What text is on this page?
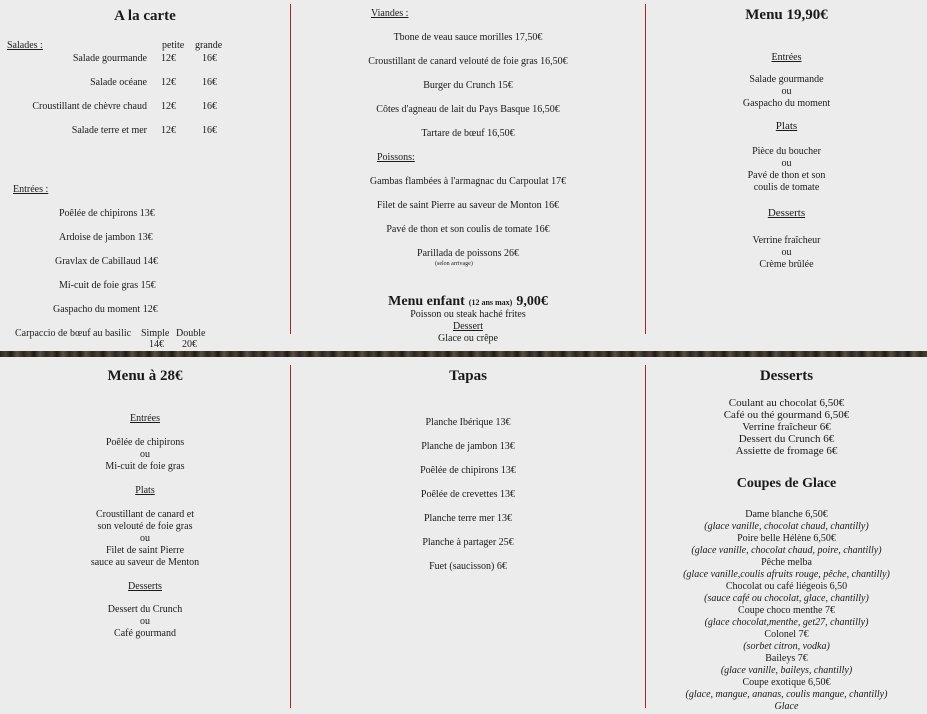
A la carte
Salades :	petite grande
Salade gourmande 12€	16€
Salade océane 12€	16€
Croustillant de chèvre chaud 12€	16€
Salade terre et mer 12€	16€
Entrées :
Poêlée de chipirons 13€
Ardoise de jambon 13€
Gravlax de Cabillaud 14€
Mi-cuit de foie gras 15€
Gaspacho du moment 12€
Carpaccio de bœuf au basilic Simple Double
14€ 20€
Viandes :
Tbone de veau sauce morilles 17,50€
Croustillant de canard velouté de foie gras 16,50€
Burger du Crunch 15€
Côtes d'agneau de lait du Pays Basque 16,50€
Tartare de bœuf 16,50€
Poissons:
Gambas flambées à l'armagnac du Carpoulat 17€
Filet de saint Pierre au saveur de Monton 16€
Pavé de thon et son coulis de tomate 16€
Parillada de poissons 26€
(selon arrivage)
Menu enfant (12 ans max) 9,00€
Poisson ou steak haché frites
Dessert
Glace ou crêpe
Menu 19,90€
Entrées
Salade gourmande
ou
Gaspacho du moment
Plats
Pièce du boucher
ou
Pavé de thon et son
coulis de tomate
Desserts
Verrine fraîcheur
ou
Crème brûlée
Menu à 28€
Entrées
Poêlée de chipirons
ou
Mi-cuit de foie gras
Plats
Croustillant de canard et
son velouté de foie gras
ou
Filet de saint Pierre
sauce au saveur de Menton
Desserts
Dessert du Crunch
ou
Café gourmand
Tapas
Planche Ibérique 13€
Planche de jambon 13€
Poêlée de chipirons 13€
Poêlée de crevettes 13€
Planche terre mer 13€
Planche à partager 25€
Fuet (saucisson) 6€
Desserts
Coulant au chocolat 6,50€
Café ou thé gourmand 6,50€
Verrine fraîcheur 6€
Dessert du Crunch 6€
Assiette de fromage 6€
Coupes de Glace
Dame blanche 6,50€
(glace vanille, chocolat chaud, chantilly)
Poire belle Hélène 6,50€
(glace vanille, chocolat chaud, poire, chantilly)
Pêche melba
(glace vanille,coulis afruits rouge, pêche, chantilly)
Chocolat ou café liégeois 6,50
(sauce café ou chocolat, glace, chantilly)
Coupe choco menthe 7€
(glace chocolat,menthe, get27, chantilly)
Colonel 7€
(sorbet citron, vodka)
Baileys 7€
(glace vanille, baileys, chantilly)
Coupe exotique 6,50€
(glace, mangue, ananas, coulis mangue, chantilly)
Glace
